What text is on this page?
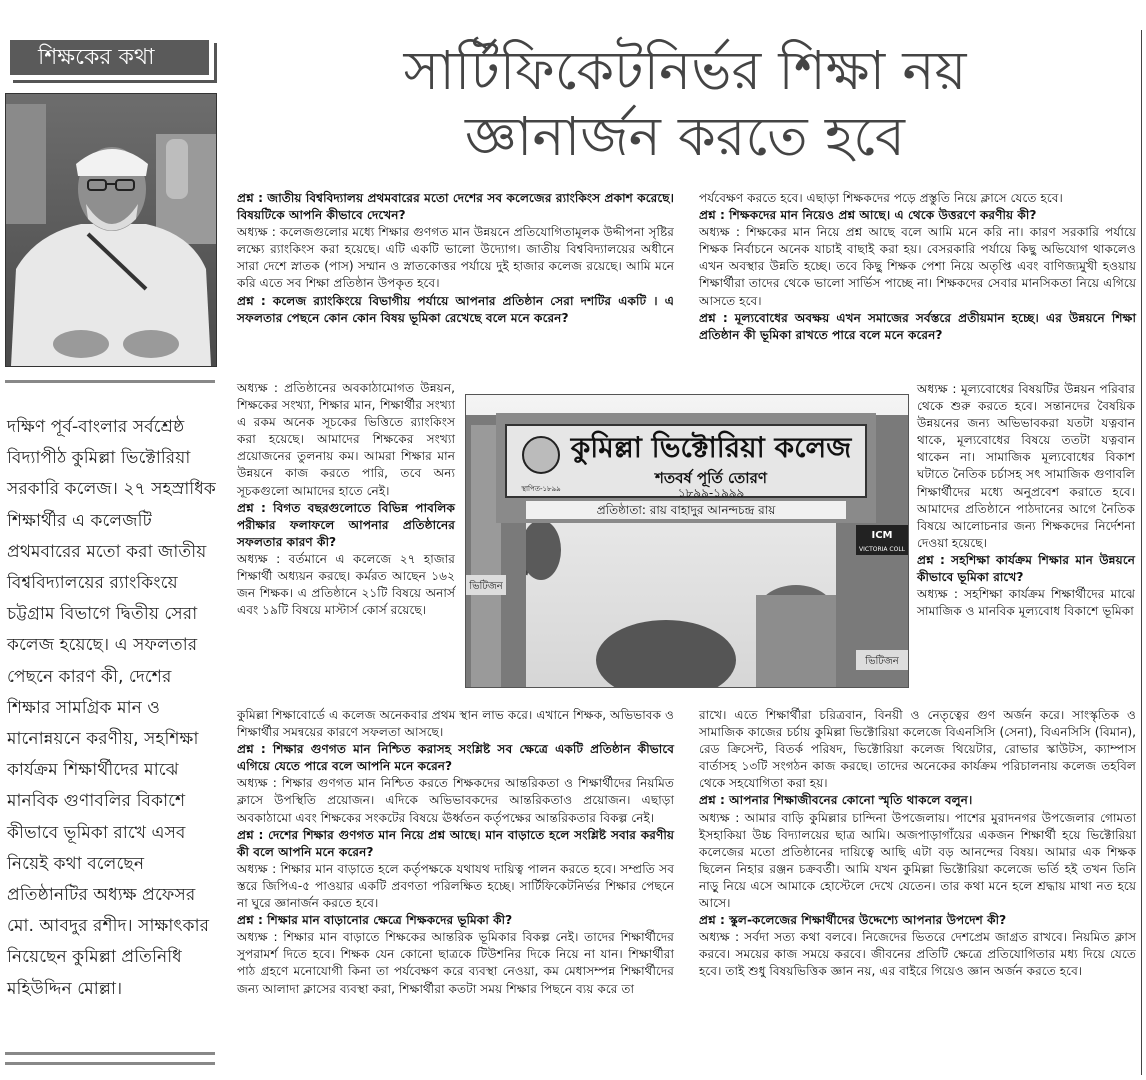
শিক্ষকের কথা
দক্ষিণ পূর্ব-বাংলার সর্বশ্রেষ্ঠ বিদ্যাপীঠ কুমিল্লা ভিক্টোরিয়া সরকারি কলেজ। ২৭ সহস্রাধিক শিক্ষার্থীর এ কলেজটি প্রথমবারের মতো করা জাতীয় বিশ্ববিদ্যালয়ের র‍্যাংকিংয়ে চট্টগ্রাম বিভাগে দ্বিতীয় সেরা কলেজ হয়েছে। এ সফলতার পেছনে কারণ কী, দেশের শিক্ষার সামগ্রিক মান ও মানোন্নয়নে করণীয়, সহশিক্ষা কার্যক্রম শিক্ষার্থীদের মাঝে মানবিক গুণাবলির বিকাশে কীভাবে ভূমিকা রাখে এসব নিয়েই কথা বলেছেন প্রতিষ্ঠানটির অধ্যক্ষ প্রফেসর মো. আবদুর রশীদ। সাক্ষাৎকার নিয়েছেন কুমিল্লা প্রতিনিধি মহিউদ্দিন মোল্লা।
সার্টিফিকেটনির্ভর শিক্ষা নয়
জ্ঞানার্জন করতে হবে

প্রশ্ন : জাতীয় বিশ্ববিদ্যালয় প্রথমবারের মতো দেশের সব কলেজের র‍্যাংকিংস প্রকাশ করেছে। বিষয়টিকে আপনি কীভাবে দেখেন?

অধ্যক্ষ : কলেজগুলোর মধ্যে শিক্ষার গুণগত মান উন্নয়নে প্রতিযোগিতামূলক উদ্দীপনা সৃষ্টির লক্ষ্যে র‍্যাংকিংস করা হয়েছে। এটি একটি ভালো উদ্যোগ। জাতীয় বিশ্ববিদ্যালয়ের অধীনে সারা দেশে স্নাতক (পাস) সম্মান ও স্নাতকোত্তর পর্যায়ে দুই হাজার কলেজ রয়েছে। আমি মনে করি এতে সব শিক্ষা প্রতিষ্ঠান উপকৃত হবে।

প্রশ্ন : কলেজ র‍্যাংকিংয়ে বিভাগীয় পর্যায়ে আপনার প্রতিষ্ঠান সেরা দশটির একটি । এ সফলতার পেছনে কোন কোন বিষয় ভূমিকা রেখেছে বলে মনে করেন?

অধ্যক্ষ : প্রতিষ্ঠানের অবকাঠামোগত উন্নয়ন, শিক্ষকের সংখ্যা, শিক্ষার মান, শিক্ষার্থীর সংখ্যা এ রকম অনেক সূচকের ভিত্তিতে র‍্যাংকিংস করা হয়েছে। আমাদের শিক্ষকের সংখ্যা প্রয়োজনের তুলনায় কম। আমরা শিক্ষার মান উন্নয়নে কাজ করতে পারি, তবে অন্য সূচকগুলো আমাদের হাতে নেই।

প্রশ্ন : বিগত বছরগুলোতে বিভিন্ন পাবলিক পরীক্ষার ফলাফলে আপনার প্রতিষ্ঠানের সফলতার কারণ কী?

অধ্যক্ষ : বর্তমানে এ কলেজে ২৭ হাজার শিক্ষার্থী অধ্যয়ন করছে। কর্মরত আছেন ১৬২ জন শিক্ষক। এ প্রতিষ্ঠানে ২১টি বিষয়ে অনার্স এবং ১৯টি বিষয়ে মাস্টার্স কোর্স রয়েছে।

কুমিল্লা শিক্ষাবোর্ডে এ কলেজ অনেকবার প্রথম স্থান লাভ করে। এখানে শিক্ষক, অভিভাবক ও শিক্ষার্থীর সমন্বয়ের কারণে সফলতা আসছে।

প্রশ্ন : শিক্ষার গুণগত মান নিশ্চিত করাসহ সংশ্লিষ্ট সব ক্ষেত্রে একটি প্রতিষ্ঠান কীভাবে এগিয়ে যেতে পারে বলে আপনি মনে করেন?

অধ্যক্ষ : শিক্ষার গুণগত মান নিশ্চিত করতে শিক্ষকদের আন্তরিকতা ও শিক্ষার্থীদের নিয়মিত ক্লাসে উপস্থিতি প্রয়োজন। এদিকে অভিভাবকদের আন্তরিকতাও প্রয়োজন। এছাড়া অবকাঠামো এবং শিক্ষকের সংকটের বিষয়ে ঊর্ধ্বতন কর্তৃপক্ষের আন্তরিকতার বিকল্প নেই।

প্রশ্ন : দেশের শিক্ষার গুণগত মান নিয়ে প্রশ্ন আছে। মান বাড়াতে হলে সংশ্লিষ্ট সবার করণীয় কী বলে আপনি মনে করেন?

অধ্যক্ষ : শিক্ষার মান বাড়াতে হলে কর্তৃপক্ষকে যথাযথ দায়িত্ব পালন করতে হবে। সম্প্রতি সব স্তরে জিপিএ-৫ পাওয়ার একটি প্রবণতা পরিলক্ষিত হচ্ছে। সার্টিফিকেটনির্ভর শিক্ষার পেছনে না ঘুরে জ্ঞানার্জন করতে হবে।

প্রশ্ন : শিক্ষার মান বাড়ানোর ক্ষেত্রে শিক্ষকদের ভূমিকা কী?

অধ্যক্ষ : শিক্ষার মান বাড়াতে শিক্ষকের আন্তরিক ভূমিকার বিকল্প নেই। তাদের শিক্ষার্থীদের সুপরামর্শ দিতে হবে। শিক্ষক যেন কোনো ছাত্রকে টিউশনির দিকে নিয়ে না যান। শিক্ষার্থীরা পাঠ গ্রহণে মনোযোগী কিনা তা পর্যবেক্ষণ করে ব্যবস্থা নেওয়া, কম মেধাসম্পন্ন শিক্ষার্থীদের জন্য আলাদা ক্লাসের ব্যবস্থা করা, শিক্ষার্থীরা কতটা সময় শিক্ষার পিছনে ব্যয় করে তা

পর্যবেক্ষণ করতে হবে। এছাড়া শিক্ষকদের পড়ে প্রস্তুতি নিয়ে ক্লাসে যেতে হবে।

প্রশ্ন : শিক্ষকদের মান নিয়েও প্রশ্ন আছে। এ থেকে উত্তরণে করণীয় কী?

অধ্যক্ষ : শিক্ষকের মান নিয়ে প্রশ্ন আছে বলে আমি মনে করি না। কারণ সরকারি পর্যায়ে শিক্ষক নির্বাচনে অনেক যাচাই বাছাই করা হয়। বেসরকারি পর্যায়ে কিছু অভিযোগ থাকলেও এখন অবস্থার উন্নতি হচ্ছে। তবে কিছু শিক্ষক পেশা নিয়ে অতৃপ্তি এবং বাণিজ্যমুখী হওয়ায় শিক্ষার্থীরা তাদের থেকে ভালো সার্ভিস পাচ্ছে না। শিক্ষকদের সেবার মানসিকতা নিয়ে এগিয়ে আসতে হবে।

প্রশ্ন : মূল্যবোধের অবক্ষয় এখন সমাজের সর্বস্তরে প্রতীয়মান হচ্ছে। এর উন্নয়নে শিক্ষা প্রতিষ্ঠান কী ভূমিকা রাখতে পারে বলে মনে করেন?

অধ্যক্ষ : মূল্যবোধের বিষয়টির উন্নয়ন পরিবার থেকে শুরু করতে হবে। সন্তানদের বৈষয়িক উন্নয়নের জন্য অভিভাবকরা যতটা যত্নবান থাকে, মূল্যবোধের বিষয়ে ততটা যত্নবান থাকেন না। সামাজিক মূল্যবোধের বিকাশ ঘটাতে নৈতিক চর্চাসহ সৎ সামাজিক গুণাবলি শিক্ষার্থীদের মধ্যে অনুপ্রবেশ করাতে হবে। আমাদের প্রতিষ্ঠানে পাঠদানের আগে নৈতিক বিষয়ে আলোচনার জন্য শিক্ষকদের নির্দেশনা দেওয়া হয়েছে।

প্রশ্ন : সহশিক্ষা কার্যক্রম শিক্ষার মান উন্নয়নে কীভাবে ভূমিকা রাখে?

অধ্যক্ষ : সহশিক্ষা কার্যক্রম শিক্ষার্থীদের মাঝে সামাজিক ও মানবিক মূল্যবোধ বিকাশে ভূমিকা

রাখে। এতে শিক্ষার্থীরা চরিত্রবান, বিনয়ী ও নেতৃত্বের গুণ অর্জন করে। সাংস্কৃতিক ও সামাজিক কাজের চর্চায় কুমিল্লা ভিক্টোরিয়া কলেজে বিএনসিসি (সেনা), বিএনসিসি (বিমান), রেড ক্রিসেন্ট, বিতর্ক পরিষদ, ভিক্টোরিয়া কলেজ থিয়েটার, রোভার স্কাউটস, ক্যাম্পাস বার্তাসহ ১৩টি সংগঠন কাজ করছে। তাদের অনেকের কার্যক্রম পরিচালনায় কলেজ তহবিল থেকে সহযোগিতা করা হয়।

প্রশ্ন : আপনার শিক্ষাজীবনের কোনো স্মৃতি থাকলে বলুন।

অধ্যক্ষ : আমার বাড়ি কুমিল্লার চান্দিনা উপজেলায়। পাশের মুরাদনগর উপজেলার গোমতা ইসহাকিয়া উচ্চ বিদ্যালয়ের ছাত্র আমি। অজপাড়াগাঁয়ের একজন শিক্ষার্থী হয়ে ভিক্টোরিয়া কলেজের মতো প্রতিষ্ঠানের দায়িত্বে আছি এটা বড় আনন্দের বিষয়। আমার এক শিক্ষক ছিলেন নিহার রঞ্জন চক্রবর্তী। আমি যখন কুমিল্লা ভিক্টোরিয়া কলেজে ভর্তি হই তখন তিনি নাড়ু নিয়ে এসে আমাকে হোস্টেলে দেখে যেতেন। তার কথা মনে হলে শ্রদ্ধায় মাথা নত হয়ে আসে।

প্রশ্ন : স্কুল-কলেজের শিক্ষার্থীদের উদ্দেশ্যে আপনার উপদেশ কী?

অধ্যক্ষ : সর্বদা সত্য কথা বলবে। নিজেদের ভিতরে দেশপ্রেম জাগ্রত রাখবে। নিয়মিত ক্লাস করবে। সময়ের কাজ সময়ে করবে। জীবনের প্রতিটি ক্ষেত্রে প্রতিযোগিতার মধ্য দিয়ে যেতে হবে। তাই শুধু বিষয়ভিত্তিক জ্ঞান নয়, এর বাইরে গিয়েও জ্ঞান অর্জন করতে হবে।

ভিটিজন
ICM
VICTORIA COLL
ভিটিজন
স্থাপিত-১৮৯৯
কুমিল্লা ভিক্টোরিয়া কলেজ
শতবর্ষ পূর্তি তোরণ
১৮৯৯-১৯৯৯
প্রতিষ্ঠাতা: রায় বাহাদুর আনন্দচন্দ্র রায়
